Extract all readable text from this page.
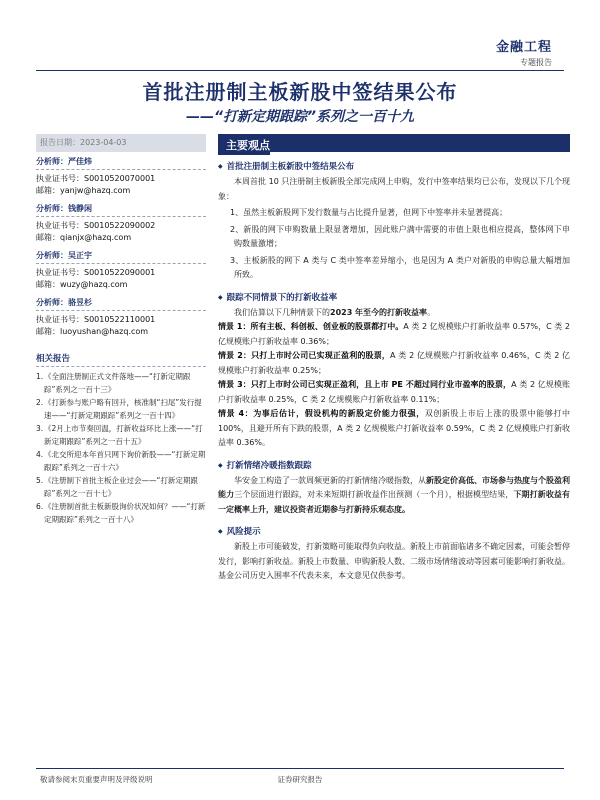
金融工程
专题报告
首批注册制主板新股中签结果公布
——“打新定期跟踪”系列之一百十九
报告日期：2023-04-03	主要观点
分析师：严佳炜
执业证书号：S0010520070001
邮箱：yanjw@hazq.com
分析师：钱静闲
执业证书号：S0010522090002
邮箱：qianjx@hazq.com
分析师：吴正宇
执业证书号：S0010522090001
邮箱：wuzy@hazq.com
分析师：骆昱杉
执业证书号：S0010522110001
邮箱：luoyushan@hazq.com
相关报告
1. 《全面注册制正式文件落地——“打新定期跟踪”系列之一百十三》
2. 《打新参与账户略有回升，核准制“扫尾”发行提速——“打新定期跟踪”系列之一百十四》
3. 《2月上市节奏回温，打新收益环比上涨——“打新定期跟踪”系列之一百十五》
4. 《北交所迎本年首只网下询价新股——“打新定期跟踪”系列之一百十六》
5. 《注册制下首批主板企业过会——“打新定期跟踪”系列之一百十七》
6. 《注册制首批主板新股询价状况如何？——“打新定期跟踪”系列之一百十八》
◆ 首批注册制主板新股中签结果公布

本周首批 10 只注册制主板新股全部完成网上申购，发行中签率结果均已公布，发现以下几个现象：

1、虽然主板新股网下发行数量与占比提升显著，但网下中签率并未显著提高；

2、新股的网下申购数量上限显著增加，因此账户满中需要的市值上限也相应提高，整体网下申购数量激增；

3、主板新股的网下 A 类与 C 类中签率差异缩小，也是因为 A 类户对新股的申购总量大幅增加所致。

◆ 跟踪不同情景下的打新收益率

我们估算以下几种情景下的2023 年至今的打新收益率。

情景 1：所有主板、科创板、创业板的股票都打中。A 类 2 亿规模账户打新收益率 0.57%，C 类 2 亿规模账户打新收益率 0.36%；

情景 2：只打上市时公司已实现正盈利的股票，A 类 2 亿规模账户打新收益率 0.46%，C 类 2 亿规模账户打新收益率 0.25%；

情景 3：只打上市时公司已实现正盈利，且上市 PE 不超过同行业市盈率的股票，A 类 2 亿规模账户打新收益率 0.25%，C 类 2 亿规模账户打新收益率 0.11%；

情景 4：为事后估计，假设机构的新股定价能力很强，双创新股上市后上涨的股票中能够打中 100%，且避开所有下跌的股票，A 类 2 亿规模账户打新收益率 0.59%，C 类 2 亿规模账户打新收益率 0.36%。

◆ 打新情绪冷暖指数跟踪

华安金工构造了一款周频更新的打新情绪冷暖指数，从新股定价高低、市场参与热度与个股盈利能力三个层面进行跟踪，对未来短期打新收益作出预测（一个月），根据模型结果，下期打新收益有一定概率上升，建议投资者近期参与打新持乐观态度。

◆ 风险提示

新股上市可能破发，打新策略可能取得负向收益。新股上市前面临诸多不确定因素，可能会暂停发行，影响打新收益。新股上市数量、申购新股人数、二级市场情绪波动等因素可能影响打新收益。基金公司历史入围率不代表未来，本文意见仅供参考。

敬请参阅末页重要声明及评级说明	证券研究报告
